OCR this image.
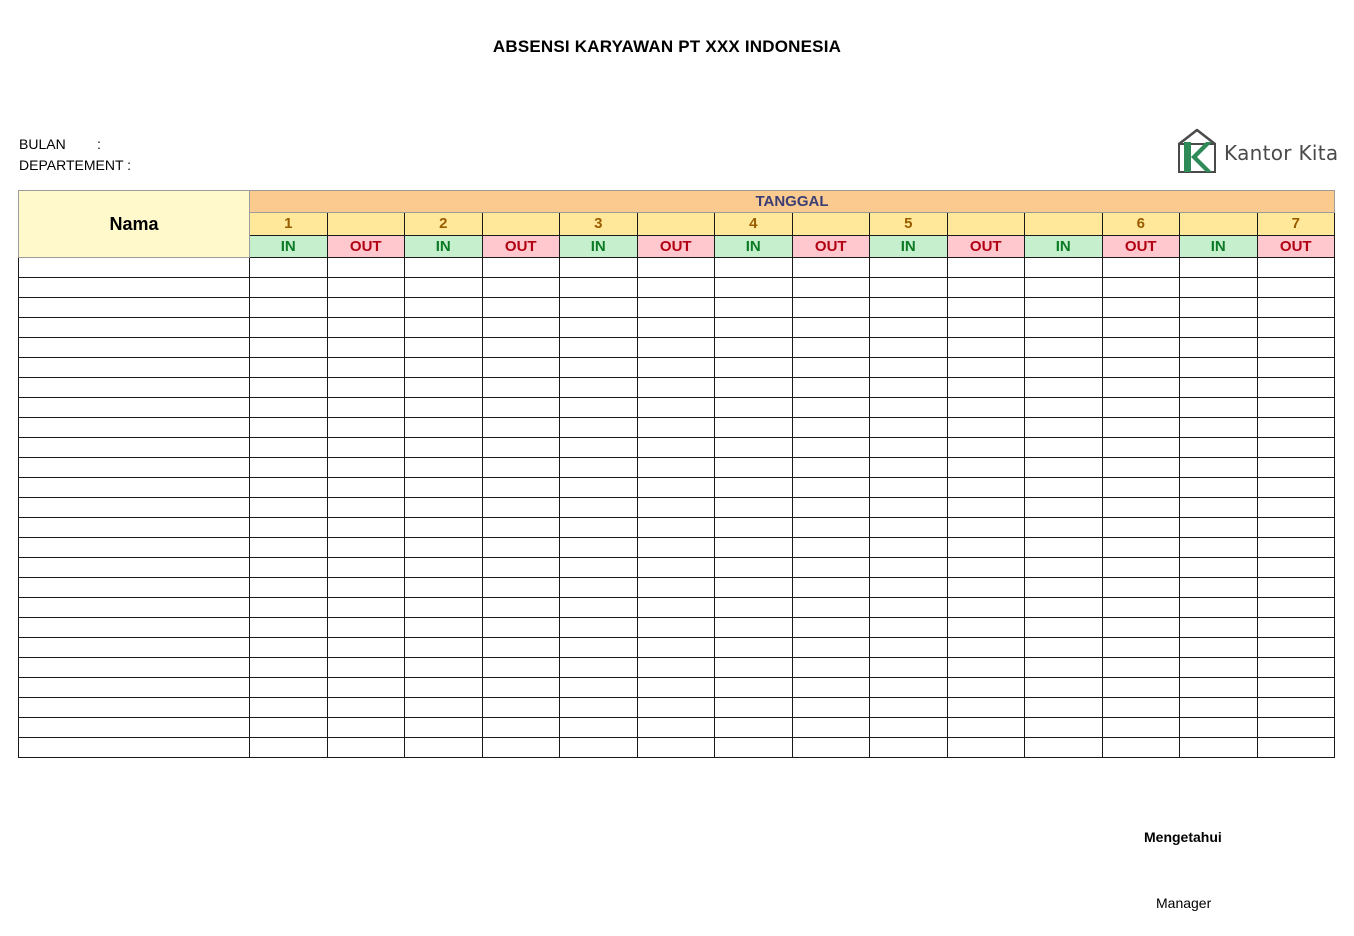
ABSENSI KARYAWAN PT XXX INDONESIA
BULAN :
DEPARTEMENT :	Kantor Kita
Nama	TANGGAL													
	1		2		3		4		5			6		7
	IN	OUT	IN	OUT	IN	OUT	IN	OUT	IN	OUT	IN	OUT	IN	OUT

Mengetahui
Manager
